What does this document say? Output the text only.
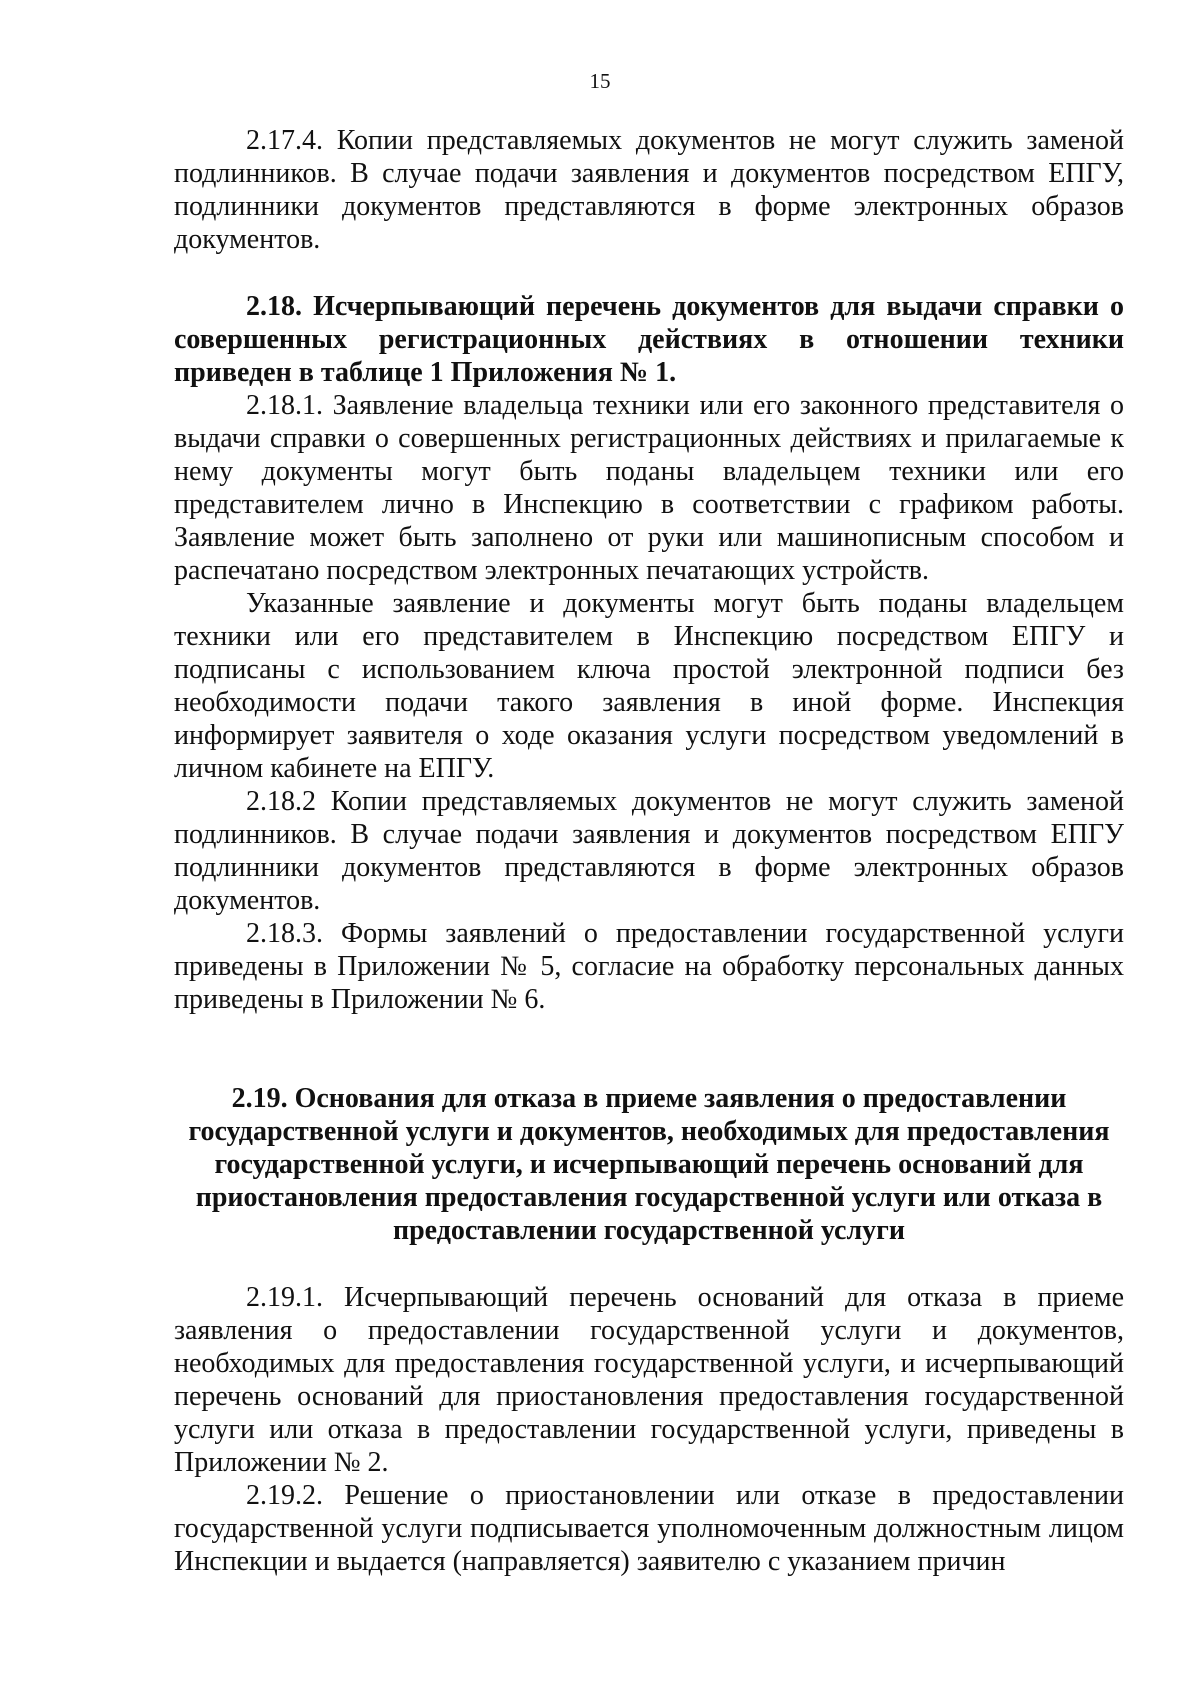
15

2.17.4. Копии представляемых документов не могут служить заменой подлинников. В случае подачи заявления и документов посредством ЕПГУ, подлинники документов представляются в форме электронных образов документов.

2.18. Исчерпывающий перечень документов для выдачи справки о совершенных регистрационных действиях в отношении техники приведен в таблице 1 Приложения № 1.

2.18.1. Заявление владельца техники или его законного представителя о выдачи справки о совершенных регистрационных действиях и прилагаемые к нему документы могут быть поданы владельцем техники или его представителем лично в Инспекцию в соответствии с графиком работы. Заявление может быть заполнено от руки или машинописным способом и распечатано посредством электронных печатающих устройств.

Указанные заявление и документы могут быть поданы владельцем техники или его представителем в Инспекцию посредством ЕПГУ и подписаны с использованием ключа простой электронной подписи без необходимости подачи такого заявления в иной форме. Инспекция информирует заявителя о ходе оказания услуги посредством уведомлений в личном кабинете на ЕПГУ.

2.18.2 Копии представляемых документов не могут служить заменой подлинников. В случае подачи заявления и документов посредством ЕПГУ подлинники документов представляются в форме электронных образов документов.

2.18.3. Формы заявлений о предоставлении государственной услуги приведены в Приложении № 5, согласие на обработку персональных данных приведены в Приложении № 6.

2.19. Основания для отказа в приеме заявления о предоставлении государственной услуги и документов, необходимых для предоставления государственной услуги, и исчерпывающий перечень оснований для приостановления предоставления государственной услуги или отказа в предоставлении государственной услуги

2.19.1. Исчерпывающий перечень оснований для отказа в приеме заявления о предоставлении государственной услуги и документов, необходимых для предоставления государственной услуги, и исчерпывающий перечень оснований для приостановления предоставления государственной услуги или отказа в предоставлении государственной услуги, приведены в Приложении № 2.

2.19.2. Решение о приостановлении или отказе в предоставлении государственной услуги подписывается уполномоченным должностным лицом Инспекции и выдается (направляется) заявителю с указанием причин
